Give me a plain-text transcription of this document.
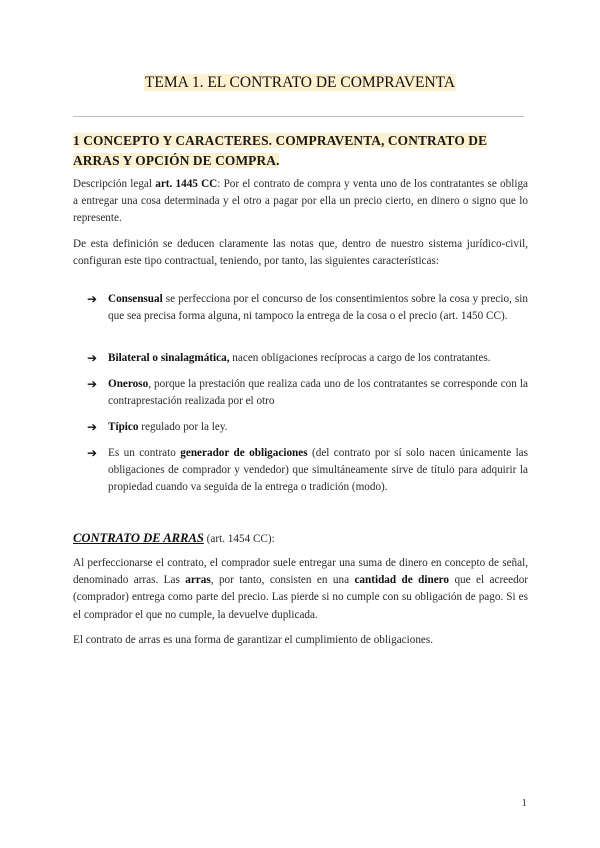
TEMA 1. EL CONTRATO DE COMPRAVENTA
1 CONCEPTO Y CARACTERES. COMPRAVENTA, CONTRATO DE ARRAS Y OPCIÓN DE COMPRA.
Descripción legal art. 1445 CC: Por el contrato de compra y venta uno de los contratantes se obliga a entregar una cosa determinada y el otro a pagar por ella un precio cierto, en dinero o signo que lo represente.
De esta definición se deducen claramente las notas que, dentro de nuestro sistema jurídico-civil, configuran este tipo contractual, teniendo, por tanto, las siguientes características:
➔ Consensual se perfecciona por el concurso de los consentimientos sobre la cosa y precio, sin que sea precisa forma alguna, ni tampoco la entrega de la cosa o el precio (art. 1450 CC).
➔ Bilateral o sinalagmática, nacen obligaciones recíprocas a cargo de los contratantes.
➔ Oneroso, porque la prestación que realiza cada uno de los contratantes se corresponde con la contraprestación realizada por el otro
➔ Típico regulado por la ley.
➔ Es un contrato generador de obligaciones (del contrato por sí solo nacen únicamente las obligaciones de comprador y vendedor) que simultáneamente sirve de título para adquirir la propiedad cuando va seguida de la entrega o tradición (modo).
CONTRATO DE ARRAS (art. 1454 CC):
Al perfeccionarse el contrato, el comprador suele entregar una suma de dinero en concepto de señal, denominado arras. Las arras, por tanto, consisten en una cantidad de dinero que el acreedor (comprador) entrega como parte del precio. Las pierde si no cumple con su obligación de pago. Si es el comprador el que no cumple, la devuelve duplicada.
El contrato de arras es una forma de garantizar el cumplimiento de obligaciones.
1
